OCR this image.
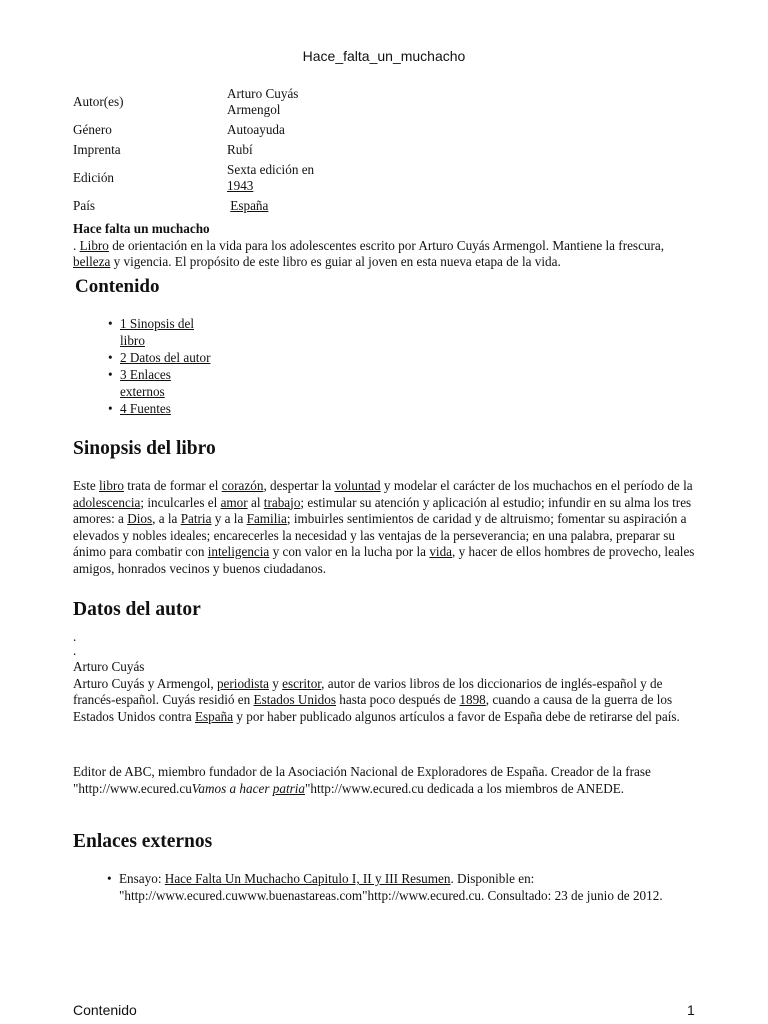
Hace_falta_un_muchacho
Autor(es)	Arturo Cuyás
Armengol
Género	Autoayuda
Imprenta	Rubí
Edición	Sexta edición en
1943
País	España
Hace falta un muchacho
. Libro de orientación en la vida para los adolescentes escrito por Arturo Cuyás Armengol. Mantiene la frescura, belleza y vigencia. El propósito de este libro es guiar al joven en esta nueva etapa de la vida.
Contenido
• 1 Sinopsis del libro
• 2 Datos del autor
• 3 Enlaces externos
• 4 Fuentes
Sinopsis del libro

Este libro trata de formar el corazón, despertar la voluntad y modelar el carácter de los muchachos en el período de la adolescencia; inculcarles el amor al trabajo; estimular su atención y aplicación al estudio; infundir en su alma los tres amores: a Dios, a la Patria y a la Familia; imbuirles sentimientos de caridad y de altruismo; fomentar su aspiración a elevados y nobles ideales; encarecerles la necesidad y las ventajas de la perseverancia; en una palabra, preparar su ánimo para combatir con inteligencia y con valor en la lucha por la vida, y hacer de ellos hombres de provecho, leales amigos, honrados vecinos y buenos ciudadanos.

Datos del autor
.
.

Arturo Cuyás
Arturo Cuyás y Armengol, periodista y escritor, autor de varios libros de los diccionarios de inglés-español y de francés-español. Cuyás residió en Estados Unidos hasta poco después de 1898, cuando a causa de la guerra de los Estados Unidos contra España y por haber publicado algunos artículos a favor de España debe de retirarse del país.

Editor de ABC, miembro fundador de la Asociación Nacional de Exploradores de España. Creador de la frase "http://www.ecured.cuVamos a hacer patria"http://www.ecured.cu dedicada a los miembros de ANEDE.

Enlaces externos
• Ensayo: Hace Falta Un Muchacho Capitulo I, II y III Resumen. Disponible en: "http://www.ecured.cuwww.buenastareas.com"http://www.ecured.cu. Consultado: 23 de junio de 2012.
Contenido	1
